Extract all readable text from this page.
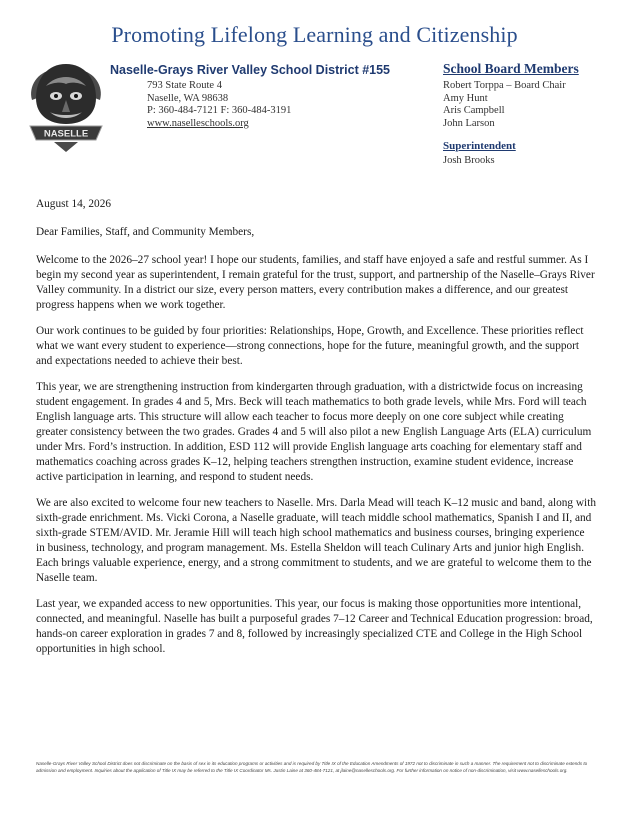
Promoting Lifelong Learning and Citizenship
NASELLE
Naselle-Grays River Valley School District #155
793 State Route 4
Naselle, WA 98638
P: 360-484-7121 F: 360-484-3191
www.naselleschools.org
School Board Members
Robert Torppa – Board Chair
Amy Hunt
Aris Campbell
John Larson
Superintendent
Josh Brooks

August 14, 2026

Dear Families, Staff, and Community Members,

Welcome to the 2026–27 school year! I hope our students, families, and staff have enjoyed a safe and restful summer. As I begin my second year as superintendent, I remain grateful for the trust, support, and partnership of the Naselle–Grays River Valley community. In a district our size, every person matters, every contribution makes a difference, and our greatest progress happens when we work together.

Our work continues to be guided by four priorities: Relationships, Hope, Growth, and Excellence. These priorities reflect what we want every student to experience—strong connections, hope for the future, meaningful growth, and the support and expectations needed to achieve their best.

This year, we are strengthening instruction from kindergarten through graduation, with a districtwide focus on increasing student engagement. In grades 4 and 5, Mrs. Beck will teach mathematics to both grade levels, while Mrs. Ford will teach English language arts. This structure will allow each teacher to focus more deeply on one core subject while creating greater consistency between the two grades. Grades 4 and 5 will also pilot a new English Language Arts (ELA) curriculum under Mrs. Ford’s instruction. In addition, ESD 112 will provide English language arts coaching for elementary staff and mathematics coaching across grades K–12, helping teachers strengthen instruction, examine student evidence, increase active participation in learning, and respond to student needs.

We are also excited to welcome four new teachers to Naselle. Mrs. Darla Mead will teach K–12 music and band, along with sixth-grade enrichment. Ms. Vicki Corona, a Naselle graduate, will teach middle school mathematics, Spanish I and II, and sixth-grade STEM/AVID. Mr. Jeramie Hill will teach high school mathematics and business courses, bringing experience in business, technology, and program management. Ms. Estella Sheldon will teach Culinary Arts and junior high English. Each brings valuable experience, energy, and a strong commitment to students, and we are grateful to welcome them to the Naselle team.

Last year, we expanded access to new opportunities. This year, our focus is making those opportunities more intentional, connected, and meaningful. Naselle has built a purposeful grades 7–12 Career and Technical Education progression: broad, hands-on career exploration in grades 7 and 8, followed by increasingly specialized CTE and College in the High School opportunities in high school.

Naselle-Grays River Valley School District does not discriminate on the basis of sex in its education programs or activities and is required by Title IX of the Education Amendments of 1972 not to discriminate in such a manner. The requirement not to discriminate extends to admission and employment. Inquiries about the application of Title IX may be referred to the Title IX Coordinator Ms. Justin Laine at 360-484-7121, at jlaine@naselleschools.org. For further information on notice of non-discrimination, visit www.naselleschools.org.
